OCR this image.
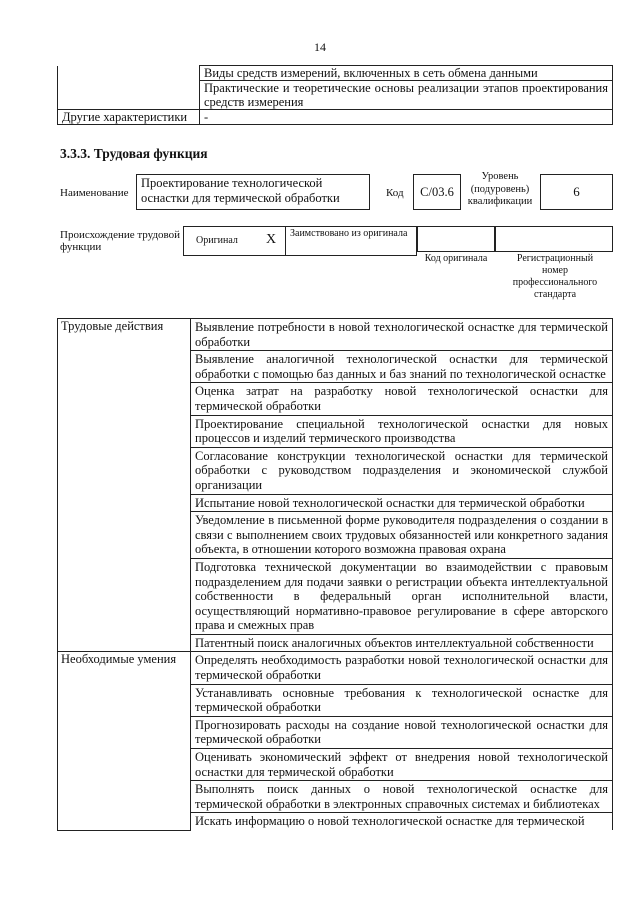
14
	Виды средств измерений, включенных в сеть обмена данными
	Практические и теоретические основы реализации этапов проектирования средств измерения
Другие характеристики	-
3.3.3. Трудовая функция
Наименование
Проектирование технологической оснастки для термической обработки	Код	С/03.6
Уровень (подуровень) квалификации
6
Происхождение трудовой функции
Оригинал X Заимствовано из оригинала
Код оригинала	Регистрационный номер профессионального стандарта
Трудовые действия	Выявление потребности в новой технологической оснастке для термической обработки
	Выявление аналогичной технологической оснастки для термической обработки с помощью баз данных и баз знаний по технологической оснастке
	Оценка затрат на разработку новой технологической оснастки для термической обработки
	Проектирование специальной технологической оснастки для новых процессов и изделий термического производства
	Согласование конструкции технологической оснастки для термической обработки с руководством подразделения и экономической службой организации
	Испытание новой технологической оснастки для термической обработки
	Уведомление в письменной форме руководителя подразделения о создании в связи с выполнением своих трудовых обязанностей или конкретного задания объекта, в отношении которого возможна правовая охрана
	Подготовка технической документации во взаимодействии с правовым подразделением для подачи заявки о регистрации объекта интеллектуальной собственности в федеральный орган исполнительной власти, осуществляющий нормативно-правовое регулирование в сфере авторского права и смежных прав
	Патентный поиск аналогичных объектов интеллектуальной собственности
Необходимые умения	Определять необходимость разработки новой технологической оснастки для термической обработки
	Устанавливать основные требования к технологической оснастке для термической обработки
	Прогнозировать расходы на создание новой технологической оснастки для термической обработки
	Оценивать экономический эффект от внедрения новой технологической оснастки для термической обработки
	Выполнять поиск данных о новой технологической оснастке для термической обработки в электронных справочных системах и библиотеках
	Искать информацию о новой технологической оснастке для термической
